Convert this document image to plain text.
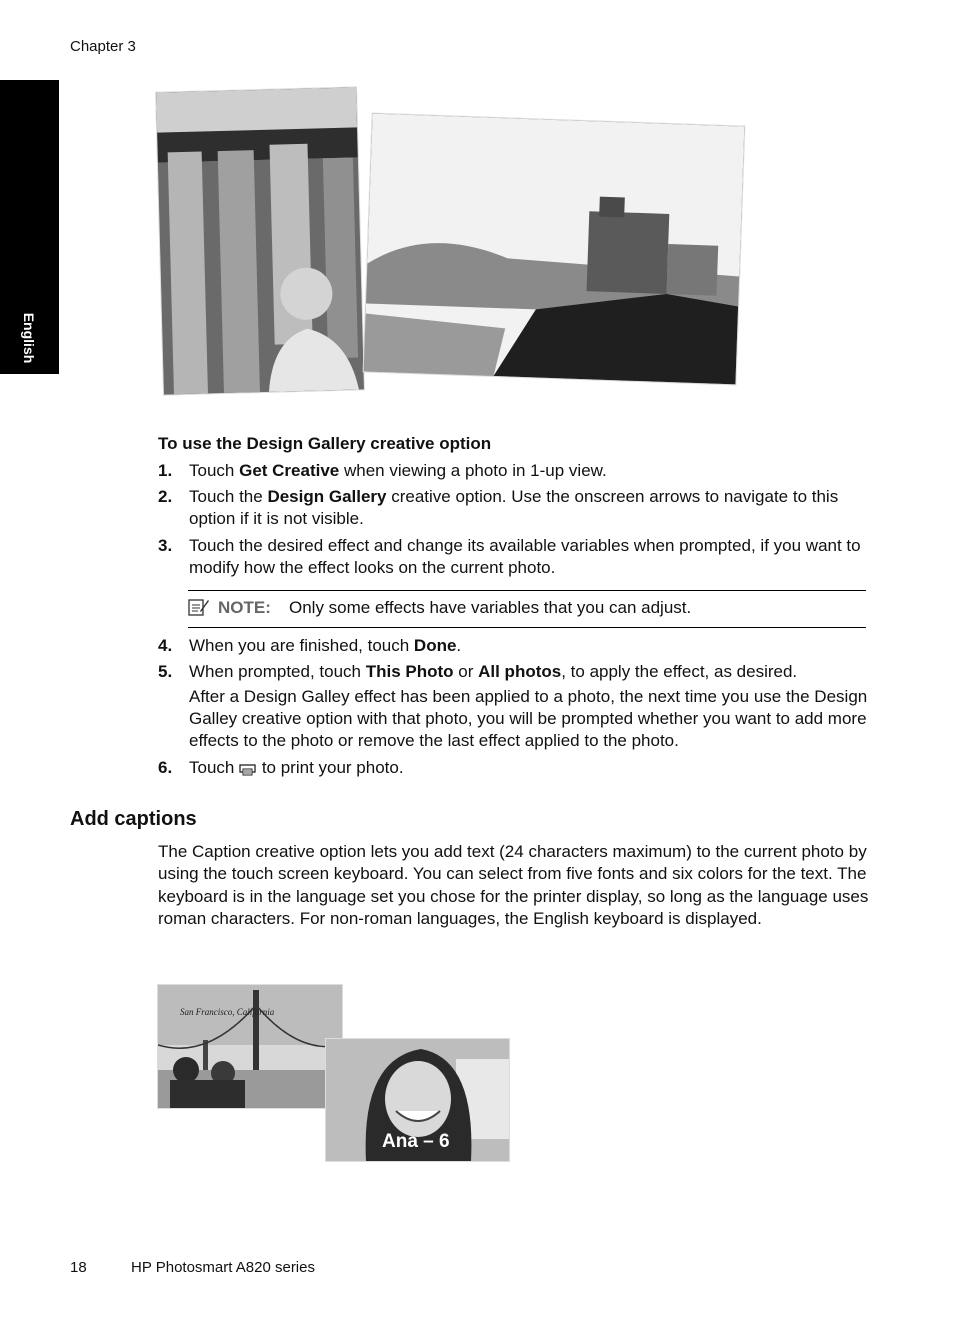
Chapter 3
English
To use the Design Gallery creative option
1. Touch Get Creative when viewing a photo in 1-up view.
2. Touch the Design Gallery creative option. Use the onscreen arrows to navigate to this option if it is not visible.
3. Touch the desired effect and change its available variables when prompted, if you want to modify how the effect looks on the current photo.
NOTE: Only some effects have variables that you can adjust.
4. When you are finished, touch Done.
5. When prompted, touch This Photo or All photos, to apply the effect, as desired.
After a Design Galley effect has been applied to a photo, the next time you use the Design Galley creative option with that photo, you will be prompted whether you want to add more effects to the photo or remove the last effect applied to the photo.
6. Touch  to print your photo.
Add captions
The Caption creative option lets you add text (24 characters maximum) to the current photo by using the touch screen keyboard. You can select from five fonts and six colors for the text. The keyboard is in the language set you chose for the printer display, so long as the language uses roman characters. For non-roman languages, the English keyboard is displayed.
San Francisco, California
Ana – 6
18	HP Photosmart A820 series
